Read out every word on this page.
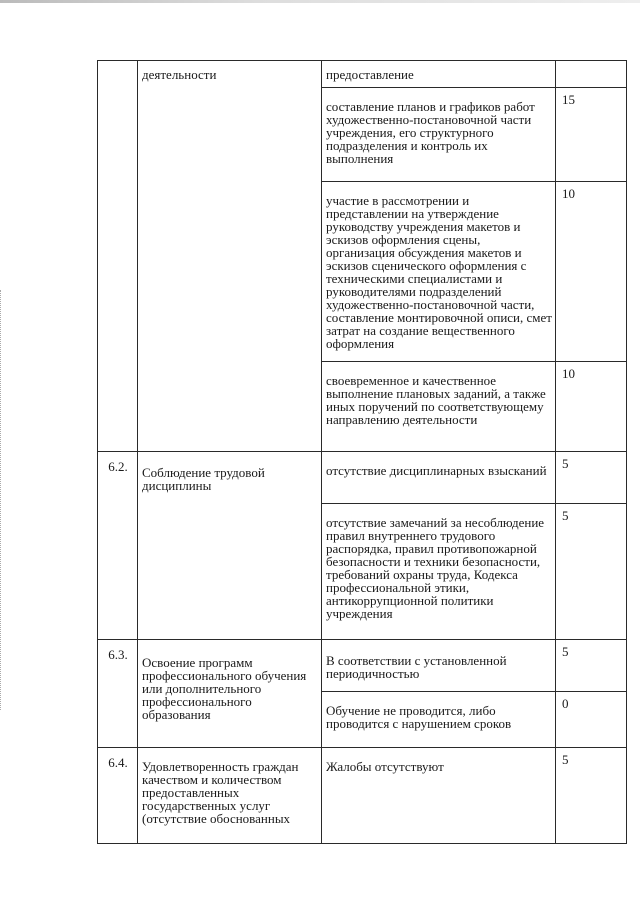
	деятельности	предоставление	
		составление планов и графиков работ художественно-постановочной части учреждения, его структурного подразделения и контроль их выполнения	15
		участие в рассмотрении и представлении на утверждение руководству учреждения макетов и эскизов оформления сцены, организация обсуждения макетов и эскизов сценического оформления с техническими специалистами и руководителями подразделений художественно-постановочной части, составление монтировочной описи, смет затрат на создание вещественного оформления	10
		своевременное и качественное выполнение плановых заданий, а также иных поручений по соответствующему направлению деятельности	10
6.2.	Соблюдение трудовой дисциплины	отсутствие дисциплинарных взысканий	5
		отсутствие замечаний за несоблюдение правил внутреннего трудового распорядка, правил противопожарной безопасности и техники безопасности, требований охраны труда, Кодекса профессиональной этики, антикоррупционной политики учреждения	5
6.3.	Освоение программ профессионального обучения или дополнительного профессионального образования	В соответствии с установленной периодичностью	5
		Обучение не проводится, либо проводится с нарушением сроков	0
6.4.	Удовлетворенность граждан качеством и количеством предоставленных государственных услуг (отсутствие обоснованных	Жалобы отсутствуют	5
